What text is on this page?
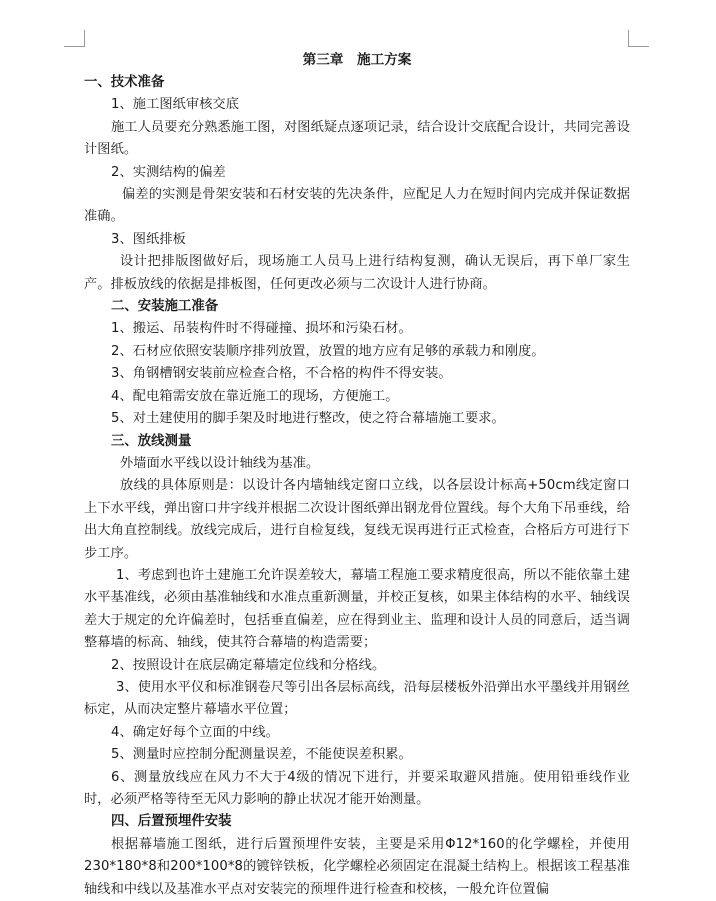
第三章　施工方案
一、技术准备
1、施工图纸审核交底
施工人员要充分熟悉施工图，对图纸疑点逐项记录，结合设计交底配合设计，共同完善设计图纸。
2、实测结构的偏差
偏差的实测是骨架安装和石材安装的先决条件，应配足人力在短时间内完成并保证数据准确。
3、图纸排板
设计把排版图做好后，现场施工人员马上进行结构复测，确认无误后，再下单厂家生产。排板放线的依据是排板图，任何更改必须与二次设计人进行协商。
二、安装施工准备
1、搬运、吊装构件时不得碰撞、损坏和污染石材。
2、石材应依照安装顺序排列放置，放置的地方应有足够的承载力和刚度。
3、角钢槽钢安装前应检查合格，不合格的构件不得安装。
4、配电箱需安放在靠近施工的现场，方便施工。
5、对土建使用的脚手架及时地进行整改，使之符合幕墙施工要求。
三、放线测量
外墙面水平线以设计轴线为基准。
放线的具体原则是：以设计各内墙轴线定窗口立线，以各层设计标高+50cm线定窗口上下水平线，弹出窗口井字线并根据二次设计图纸弹出钢龙骨位置线。每个大角下吊垂线，给出大角直控制线。放线完成后，进行自检复线，复线无误再进行正式检查，合格后方可进行下步工序。
1、考虑到也许土建施工允许误差较大，幕墙工程施工要求精度很高，所以不能依靠土建水平基准线，必须由基准轴线和水准点重新测量，并校正复核，如果主体结构的水平、轴线误差大于规定的允许偏差时，包括垂直偏差，应在得到业主、监理和设计人员的同意后，适当调整幕墙的标高、轴线，使其符合幕墙的构造需要；
2、按照设计在底层确定幕墙定位线和分格线。
3、使用水平仪和标准钢卷尺等引出各层标高线，沿每层楼板外沿弹出水平墨线并用钢丝标定，从而决定整片幕墙水平位置；
4、确定好每个立面的中线。
5、测量时应控制分配测量误差，不能使误差积累。
6、测量放线应在风力不大于4级的情况下进行，并要采取避风措施。使用铅垂线作业时，必须严格等待至无风力影响的静止状况才能开始测量。
四、后置预埋件安装
根据幕墙施工图纸，进行后置预埋件安装，主要是采用Φ12*160的化学螺栓，并使用230*180*8和200*100*8的镀锌铁板，化学螺栓必须固定在混凝土结构上。根据该工程基准轴线和中线以及基准水平点对安装完的预埋件进行检查和校核，一般允许位置偏
